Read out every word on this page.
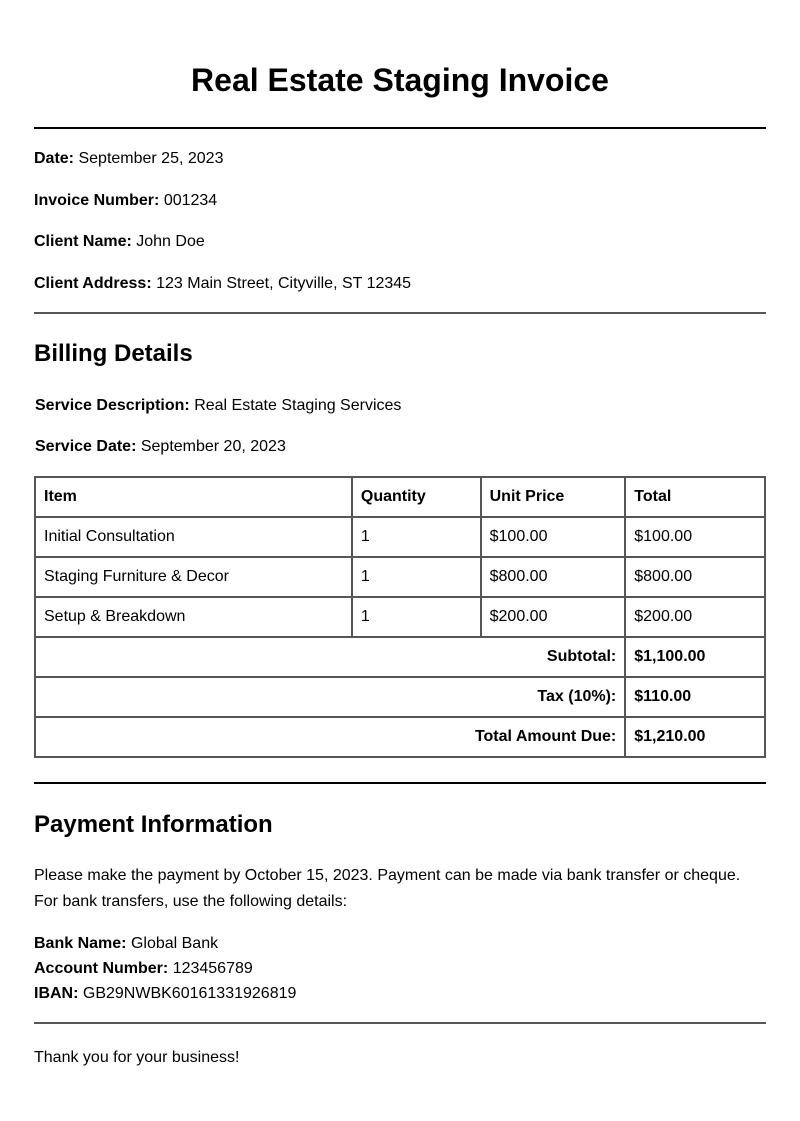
Real Estate Staging Invoice
Date: September 25, 2023
Invoice Number: 001234
Client Name: John Doe
Client Address: 123 Main Street, Cityville, ST 12345
Billing Details
Service Description: Real Estate Staging Services
Service Date: September 20, 2023
Item	Quantity	Unit Price	Total
Initial Consultation	1	$100.00	$100.00
Staging Furniture & Decor	1	$800.00	$800.00
Setup & Breakdown	1	$200.00	$200.00
Subtotal:			$1,100.00
Tax (10%):			$110.00
Total Amount Due:			$1,210.00
Payment Information
Please make the payment by October 15, 2023. Payment can be made via bank transfer or cheque.
For bank transfers, use the following details:
Bank Name: Global Bank
Account Number: 123456789
IBAN: GB29NWBK60161331926819
Thank you for your business!
